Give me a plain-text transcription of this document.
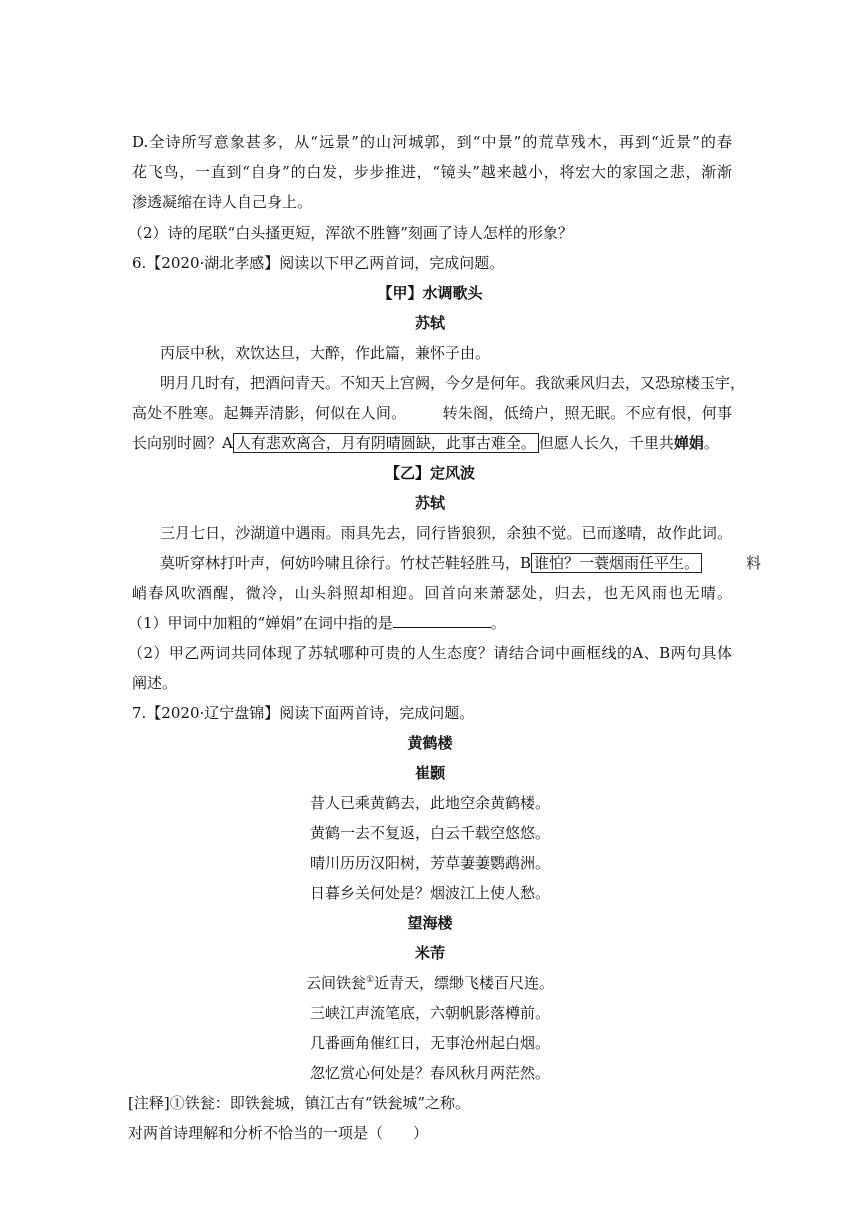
D.全诗所写意象甚多，从“远景”的山河城郭，到“中景”的荒草残木，再到“近景”的春
花飞鸟，一直到“自身”的白发，步步推进，“镜头”越来越小，将宏大的家国之悲，渐渐
渗透凝缩在诗人自己身上。
（2）诗的尾联“白头搔更短，浑欲不胜簪”刻画了诗人怎样的形象？
6.【2020·湖北孝感】阅读以下甲乙两首词，完成问题。
【甲】水调歌头
苏轼
丙辰中秋，欢饮达旦，大醉，作此篇，兼怀子由。
明月几时有，把酒问青天。不知天上宫阙，今夕是何年。我欲乘风归去，又恐琼楼玉宇，
高处不胜寒。起舞弄清影，何似在人间。 转朱阁，低绮户，照无眠。不应有恨，何事
长向别时圆？A 人有悲欢离合，月有阴晴圆缺，此事古难全。 但愿人长久，千里共婵娟。
【乙】定风波
苏轼
三月七日，沙湖道中遇雨。雨具先去，同行皆狼狈，余独不觉。已而遂晴，故作此词。
莫听穿林打叶声，何妨吟啸且徐行。竹杖芒鞋轻胜马，B 谁怕？一蓑烟雨任平生。	料
峭春风吹酒醒，微冷，山头斜照却相迎。回首向来萧瑟处，归去，也无风雨也无晴。
（1）甲词中加粗的“婵娟”在词中指的是	。
（2）甲乙两词共同体现了苏轼哪种可贵的人生态度？请结合词中画框线的A、B两句具体
阐述。
7.【2020·辽宁盘锦】阅读下面两首诗，完成问题。
黄鹤楼
崔颢
昔人已乘黄鹤去，此地空余黄鹤楼。
黄鹤一去不复返，白云千载空悠悠。
晴川历历汉阳树，芳草萋萋鹦鹉洲。
日暮乡关何处是？烟波江上使人愁。
望海楼
米芾
云间铁瓮①近青天，缥缈飞楼百尺连。
三峡江声流笔底，六朝帆影落樽前。
几番画角催红日，无事沧州起白烟。
忽忆赏心何处是？春风秋月两茫然。
[注释]①铁瓮：即铁瓮城，镇江古有“铁瓮城”之称。
对两首诗理解和分析不恰当的一项是（　　）
